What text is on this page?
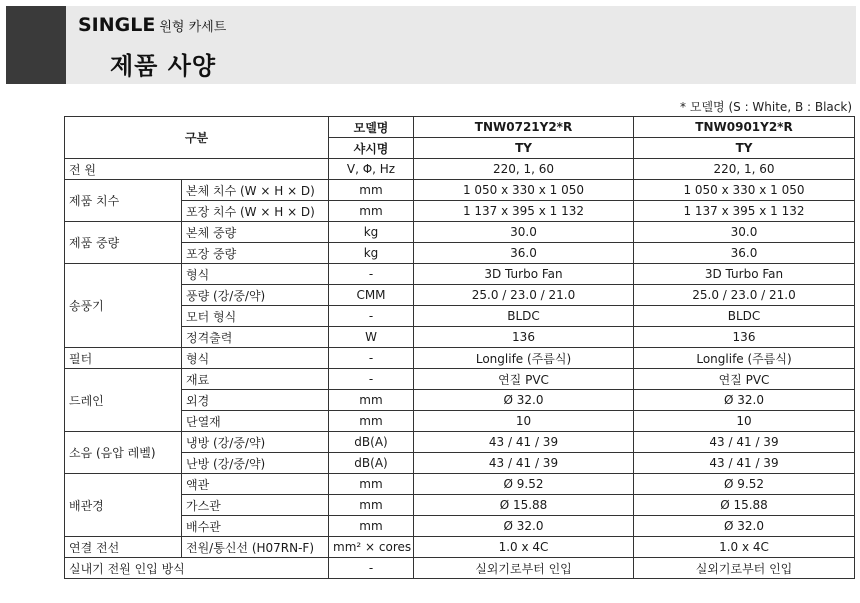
SINGLE 원형 카세트
제품 사양
* 모델명 (S : White, B : Black)
구분		모델명	TNW0721Y2*R	TNW0901Y2*R
		샤시명	TY	TY
전 원		V, Φ, Hz	220, 1, 60	220, 1, 60
제품 치수	본체 치수 (W × H × D)	mm	1 050 x 330 x 1 050	1 050 x 330 x 1 050
	포장 치수 (W × H × D)	mm	1 137 x 395 x 1 132	1 137 x 395 x 1 132
제품 중량	본체 중량	kg	30.0	30.0
	포장 중량	kg	36.0	36.0
송풍기	형식	-	3D Turbo Fan	3D Turbo Fan
	풍량 (강/중/약)	CMM	25.0 / 23.0 / 21.0	25.0 / 23.0 / 21.0
	모터 형식	-	BLDC	BLDC
	정격출력	W	136	136
필터	형식	-	Longlife (주름식)	Longlife (주름식)
드레인	재료	-	연질 PVC	연질 PVC
	외경	mm	Ø 32.0	Ø 32.0
	단열재	mm	10	10
소음 (음압 레벨)	냉방 (강/중/약)	dB(A)	43 / 41 / 39	43 / 41 / 39
	난방 (강/중/약)	dB(A)	43 / 41 / 39	43 / 41 / 39
배관경	액관	mm	Ø 9.52	Ø 9.52
	가스관	mm	Ø 15.88	Ø 15.88
	배수관	mm	Ø 32.0	Ø 32.0
연결 전선	전원/통신선 (H07RN-F)	mm² × cores	1.0 x 4C	1.0 x 4C
실내기 전원 인입 방식		-	실외기로부터 인입	실외기로부터 인입
